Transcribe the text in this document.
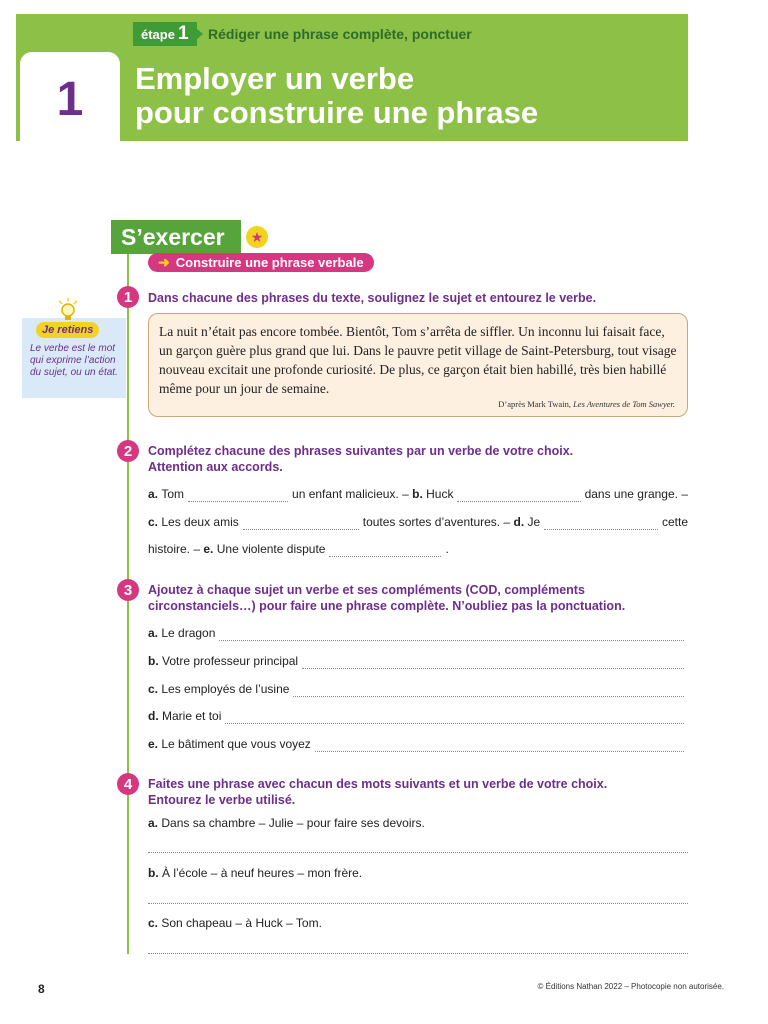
étape 1 Rédiger une phrase complète, ponctuer
1	Employer un verbe
pour construire une phrase
S’exercer	★
➜ Construire une phrase verbale
Je retiens
Le verbe est le mot qui exprime l’action du sujet, ou un état.
1	Dans chacune des phrases du texte, soulignez le sujet et entourez le verbe.

La nuit n’était pas encore tombée. Bientôt, Tom s’arrêta de siffler. Un inconnu lui faisait face, un garçon guère plus grand que lui. Dans le pauvre petit village de Saint-Petersburg, tout visage nouveau excitait une profonde curiosité. De plus, ce garçon était bien habillé, très bien habillé même pour un jour de semaine.

D’après Mark Twain, Les Aventures de Tom Sawyer.
2	Complétez chacune des phrases suivantes par un verbe de votre choix.
Attention aux accords.
a.
Tom	un enfant malicieux. –
b.
Huck	dans une grange. –
c.
Les deux amis	toutes sortes d’aventures. –
d.
Je	cette
histoire. –
e.
Une violente dispute	.
3	Ajoutez à chaque sujet un verbe et ses compléments (COD, compléments
circonstanciels…) pour faire une phrase complète. N’oubliez pas la ponctuation.
a.
Le dragon
b.
Votre professeur principal
c.
Les employés de l’usine
d.
Marie et toi
e.
Le bâtiment que vous voyez
4	Faites une phrase avec chacun des mots suivants et un verbe de votre choix.
Entourez le verbe utilisé.
a.
Dans sa chambre – Julie – pour faire ses devoirs.
b.
À l’école – à neuf heures – mon frère.
c.
Son chapeau – à Huck – Tom.
8	© Éditions Nathan 2022 – Photocopie non autorisée.
